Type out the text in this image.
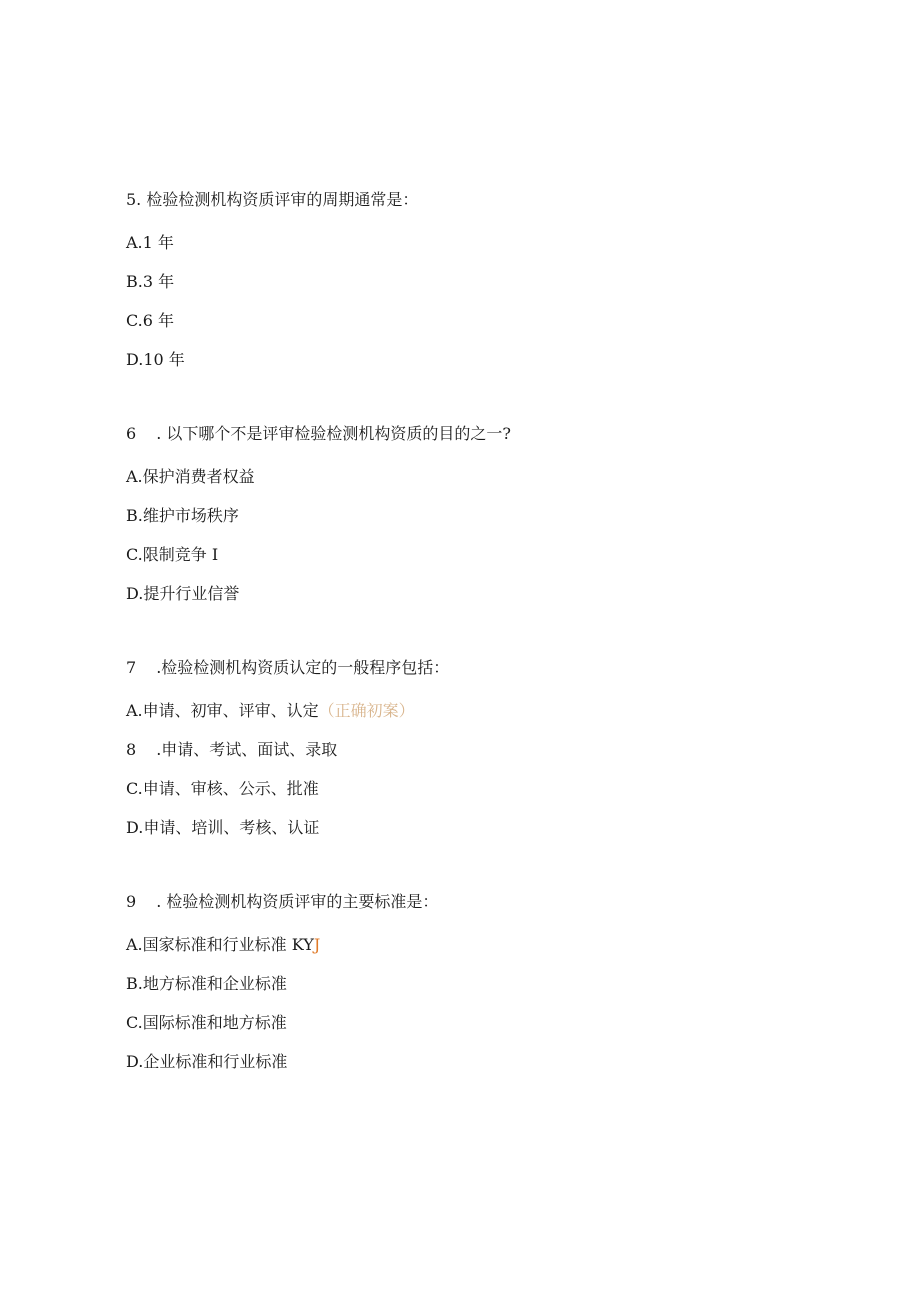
5. 检验检测机构资质评审的周期通常是：
A.1 年
B.3 年
C.6 年
D.10 年
6 . 以下哪个不是评审检验检测机构资质的目的之一?
A.保护消费者权益
B.维护市场秩序
C.限制竞争 I
D.提升行业信誉
7 .检验检测机构资质认定的一般程序包括：
A.申请、初审、评审、认定（正确初案）
8 .申请、考试、面试、录取
C.申请、审核、公示、批准
D.申请、培训、考核、认证
9 . 检验检测机构资质评审的主要标准是：
A.国家标准和行业标准 KYJ
B.地方标准和企业标准
C.国际标准和地方标准
D.企业标准和行业标准
